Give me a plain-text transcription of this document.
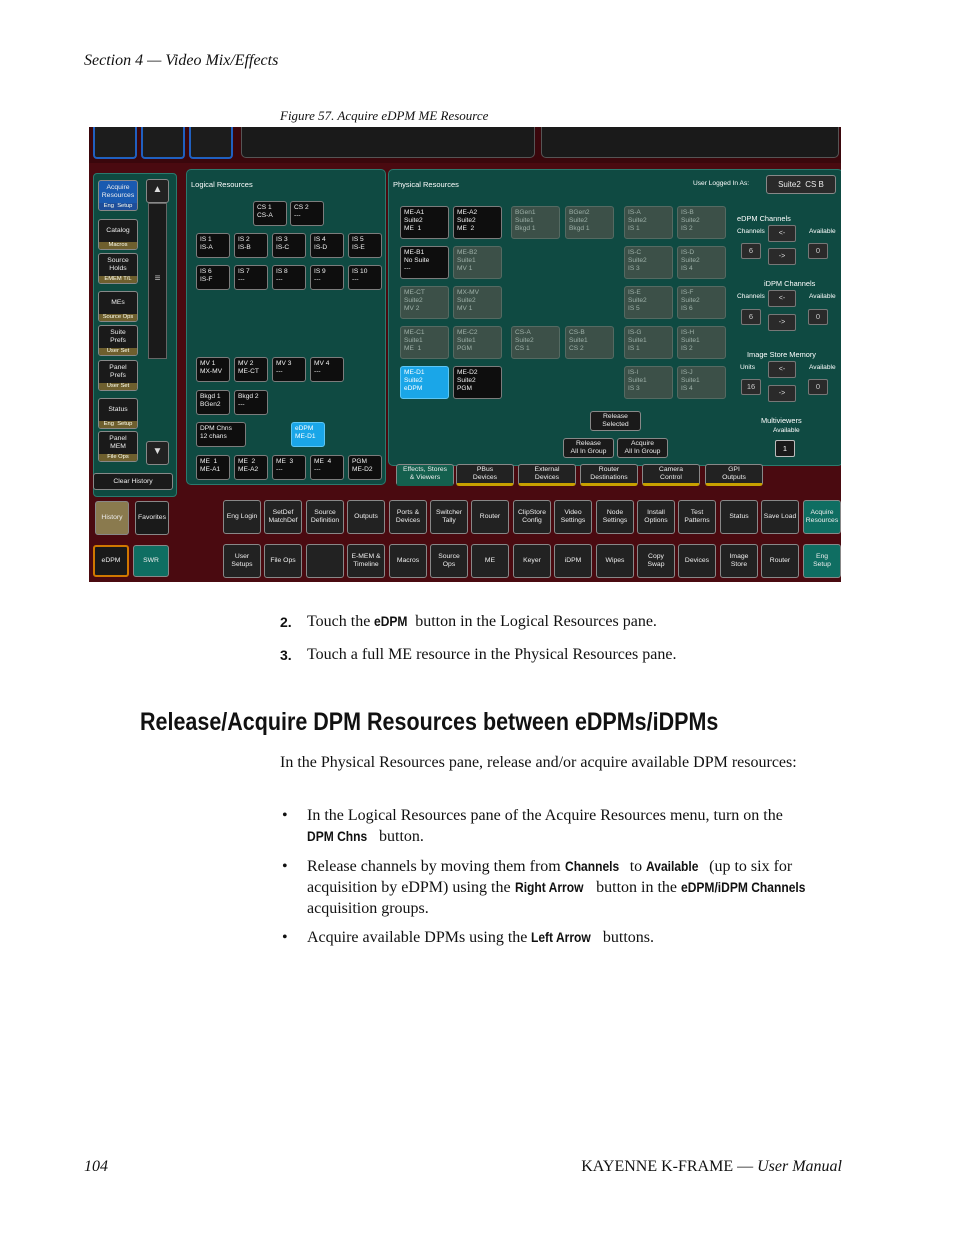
Section 4 — Video Mix/Effects
Figure 57. Acquire eDPM ME Resource
Acquire
Resources
Eng  Setup
Catalog
Macros
Source
Holds
EMEM T/L
MEs
Source Ops
Suite
Prefs
User Set
Panel
Prefs
User Set
Status
Eng  Setup
Panel
MEM
File Ops
▲
≡
▼
Clear History
History	Favorites
eDPM	SWR
Logical Resources	Physical Resources	User Logged In As:	Suite2  CS B
CS 1
CS-A
CS 2
---
IS 1
IS-A
IS 2
IS-B
IS 3
IS-C
IS 4
IS-D
IS 5
IS-E
IS 6
IS-F
IS 7
---
IS 8
---
IS 9
---
IS 10
---
MV 1
MX-MV
MV 2
ME-CT
MV 3
---
MV 4
---
Bkgd 1
BGen2
Bkgd 2
---
DPM Chns
12 chans
eDPM
ME-D1
ME  1
ME-A1
ME  2
ME-A2
ME  3
---
ME  4
---
PGM
ME-D2
ME-A1
Suite2
ME  1
ME-A2
Suite2
ME  2
BGen1
Suite1
Bkgd 1
BGen2
Suite2
Bkgd 1
IS-A
Suite2
IS 1
IS-B
Suite2
IS 2
ME-B1
No Suite
---
ME-B2
Suite1
MV 1
IS-C
Suite2
IS 3
IS-D
Suite2
IS 4
ME-CT
Suite2
MV 2
MX-MV
Suite2
MV 1
IS-E
Suite2
IS 5
IS-F
Suite2
IS 6
ME-C1
Suite1
ME  1
ME-C2
Suite1
PGM
CS-A
Suite2
CS 1
CS-B
Suite1
CS 2
IS-G
Suite1
IS 1
IS-H
Suite1
IS 2
ME-D1
Suite2
eDPM
ME-D2
Suite2
PGM
IS-I
Suite1
IS 3
IS-J
Suite1
IS 4
Release
Selected
Release
All In Group
Acquire
All In Group
eDPM Channels
Channels	Available
<-
->
6	0
iDPM Channels
Channels	Available
<-
->
6	0
Image Store Memory
Units	Available
<-
->
16	0
Multiviewers
Available
1
Effects, Stores
& Viewers
PBus
Devices
External
Devices
Router
Destinations
Camera
Control
GPI
Outputs
Eng Login
SetDef
MatchDef
Source
Definition
Outputs
Ports &
Devices
Switcher
Tally
Router
ClipStore
Config
Video
Settings
Node
Settings
Install
Options
Test
Patterns
Status	Save Load
Acquire
Resources
User
Setups
File Ops
E-MEM &
Timeline
Macros
Source
Ops
ME	Keyer	iDPM	Wipes
Copy
Swap
Devices
Image
Store
Router
Eng
Setup
2. Touch the eDPM button in the Logical Resources pane.
3. Touch a full ME resource in the Physical Resources pane.
Release/Acquire DPM Resources between eDPMs/iDPMs
In the Physical Resources pane, release and/or acquire available DPM resources:
• In the Logical Resources pane of the Acquire Resources menu, turn on the DPM Chns button.
• Release channels by moving them from Channels to Available (up to six for acquisition by eDPM) using the Right Arrow button in the eDPM/iDPM Channels acquisition groups.
• Acquire available DPMs using the Left Arrow buttons.
104	KAYENNE K-FRAME — User Manual
